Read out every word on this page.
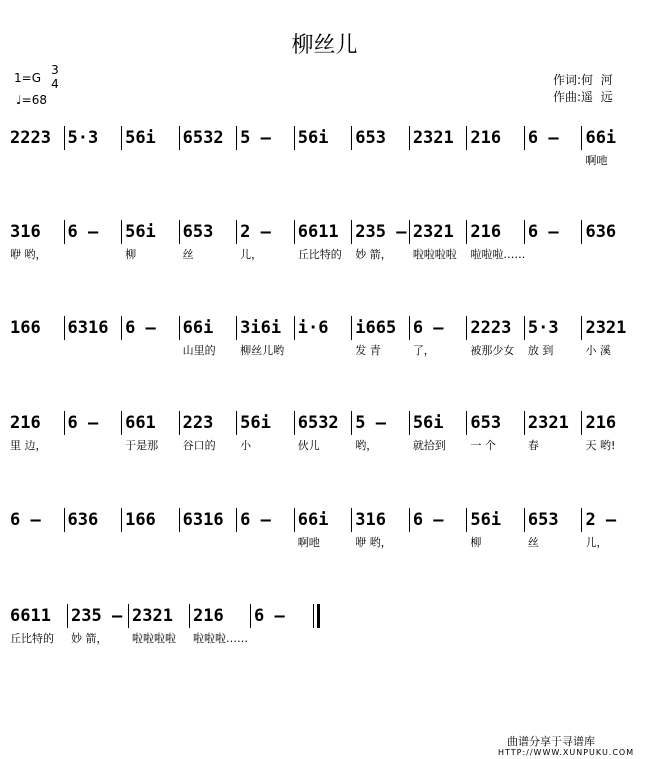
柳丝儿
1=G
3
4
♩=68
作词:何  河
作曲:遥  远
2223 5·3 56i 6532 5 – 56i 653 2321 216 6 – 66i
啊吔
316
咿 哟，
6 – 56i
柳
653
丝
2 –
儿，
6611
丘比特的
235 –
妙 箭，
2321
啦啦啦啦
216
啦啦啦……
6 – 636
166 6316 6 – 66i
山里的
3i6i
柳丝儿哟
i·6 i665
发 青
6 –
了，
2223
被那少女
5·3
放 到
2321
小 溪
216
里 边，
6 – 661
于是那
223
谷口的
56i
小
6532
伙儿
5 –
哟，
56i
就拾到
653
一 个
2321
春
216
天 哟!
6 – 636 166 6316 6 – 66i
啊吔
316
咿 哟，
6 – 56i
柳
653
丝
2 –
儿，
6611
丘比特的
235 –
妙 箭，
2321
啦啦啦啦
216
啦啦啦……
6 –
曲谱分享于寻谱库
HTTP://WWW.XUNPUKU.COM
